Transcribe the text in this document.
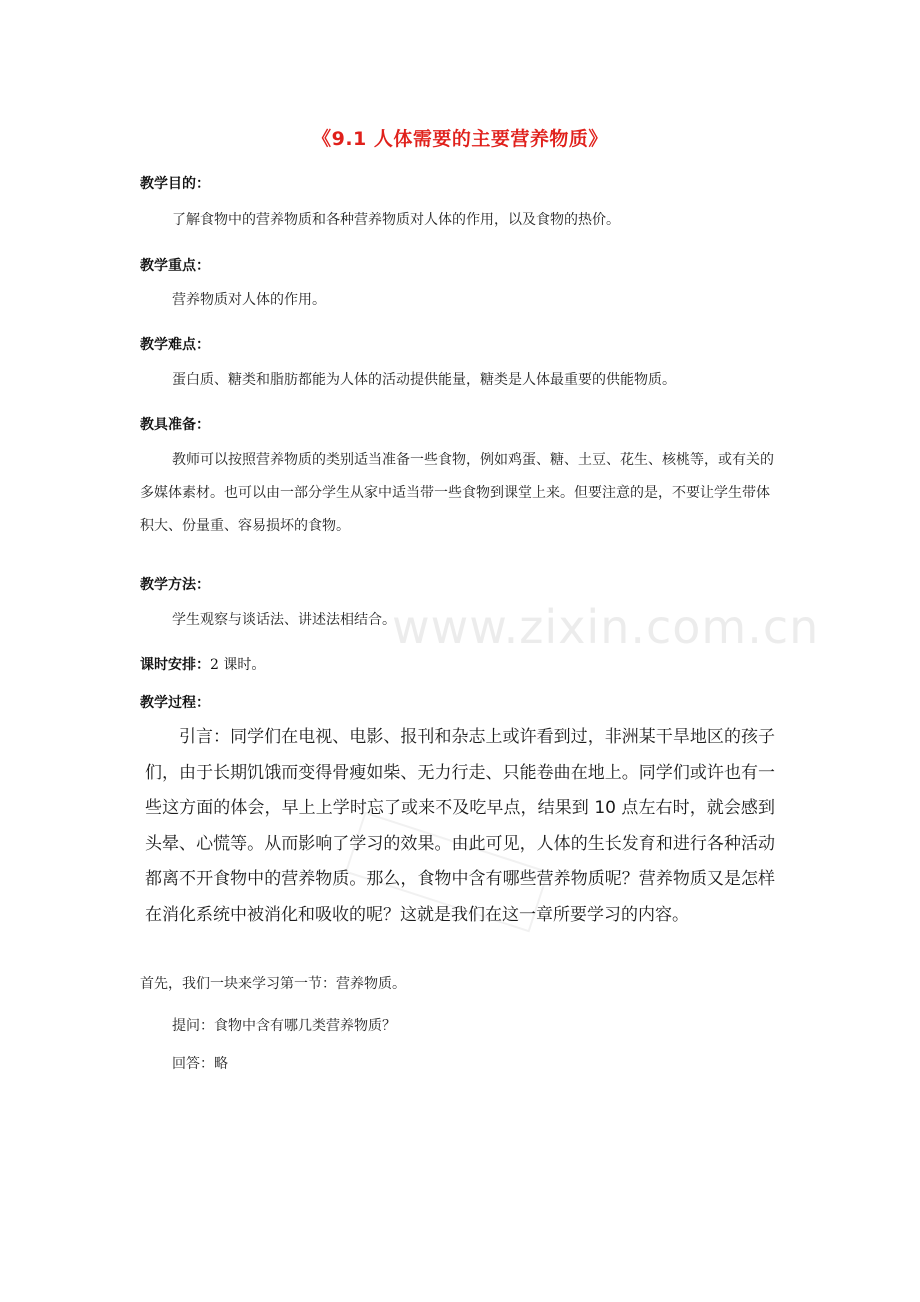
www.zixin.com.cn
《9.1 人体需要的主要营养物质》
教学目的：
了解食物中的营养物质和各种营养物质对人体的作用，以及食物的热价。
教学重点：
营养物质对人体的作用。
教学难点：
蛋白质、糖类和脂肪都能为人体的活动提供能量，糖类是人体最重要的供能物质。
教具准备：
教师可以按照营养物质的类别适当准备一些食物，例如鸡蛋、糖、土豆、花生、核桃等，或有关的多媒体素材。也可以由一部分学生从家中适当带一些食物到课堂上来。但要注意的是，不要让学生带体积大、份量重、容易损坏的食物。
教学方法：
学生观察与谈话法、讲述法相结合。
课时安排：2 课时。
教学过程：
引言：同学们在电视、电影、报刊和杂志上或许看到过，非洲某干旱地区的孩子们，由于长期饥饿而变得骨瘦如柴、无力行走、只能卷曲在地上。同学们或许也有一些这方面的体会，早上上学时忘了或来不及吃早点，结果到 10 点左右时，就会感到头晕、心慌等。从而影响了学习的效果。由此可见，人体的生长发育和进行各种活动都离不开食物中的营养物质。那么，食物中含有哪些营养物质呢？营养物质又是怎样在消化系统中被消化和吸收的呢？这就是我们在这一章所要学习的内容。
首先，我们一块来学习第一节：营养物质。
提问：食物中含有哪几类营养物质？
回答：略
